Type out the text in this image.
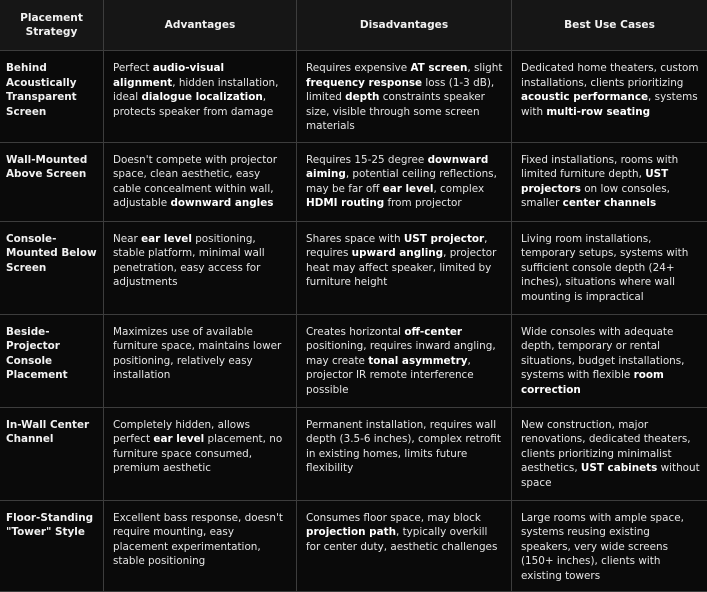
Placement Strategy	Advantages	Disadvantages	Best Use Cases
Behind Acoustically Transparent Screen	Perfect audio-visual alignment, hidden installation, ideal dialogue localization, protects speaker from damage	Requires expensive AT screen, slight frequency response loss (1-3 dB), limited depth constraints speaker size, visible through some screen materials	Dedicated home theaters, custom installations, clients prioritizing acoustic performance, systems with multi-row seating
Wall-Mounted Above Screen	Doesn't compete with projector space, clean aesthetic, easy cable concealment within wall, adjustable downward angles	Requires 15-25 degree downward aiming, potential ceiling reflections, may be far off ear level, complex HDMI routing from projector	Fixed installations, rooms with limited furniture depth, UST projectors on low consoles, smaller center channels
Console-Mounted Below Screen	Near ear level positioning, stable platform, minimal wall penetration, easy access for adjustments	Shares space with UST projector, requires upward angling, projector heat may affect speaker, limited by furniture height	Living room installations, temporary setups, systems with sufficient console depth (24+ inches), situations where wall mounting is impractical
Beside-Projector Console Placement	Maximizes use of available furniture space, maintains lower positioning, relatively easy installation	Creates horizontal off-center positioning, requires inward angling, may create tonal asymmetry, projector IR remote interference possible	Wide consoles with adequate depth, temporary or rental situations, budget installations, systems with flexible room correction
In-Wall Center Channel	Completely hidden, allows perfect ear level placement, no furniture space consumed, premium aesthetic	Permanent installation, requires wall depth (3.5-6 inches), complex retrofit in existing homes, limits future flexibility	New construction, major renovations, dedicated theaters, clients prioritizing minimalist aesthetics, UST cabinets without space
Floor-Standing "Tower" Style	Excellent bass response, doesn't require mounting, easy placement experimentation, stable positioning	Consumes floor space, may block projection path, typically overkill for center duty, aesthetic challenges	Large rooms with ample space, systems reusing existing speakers, very wide screens (150+ inches), clients with existing towers
